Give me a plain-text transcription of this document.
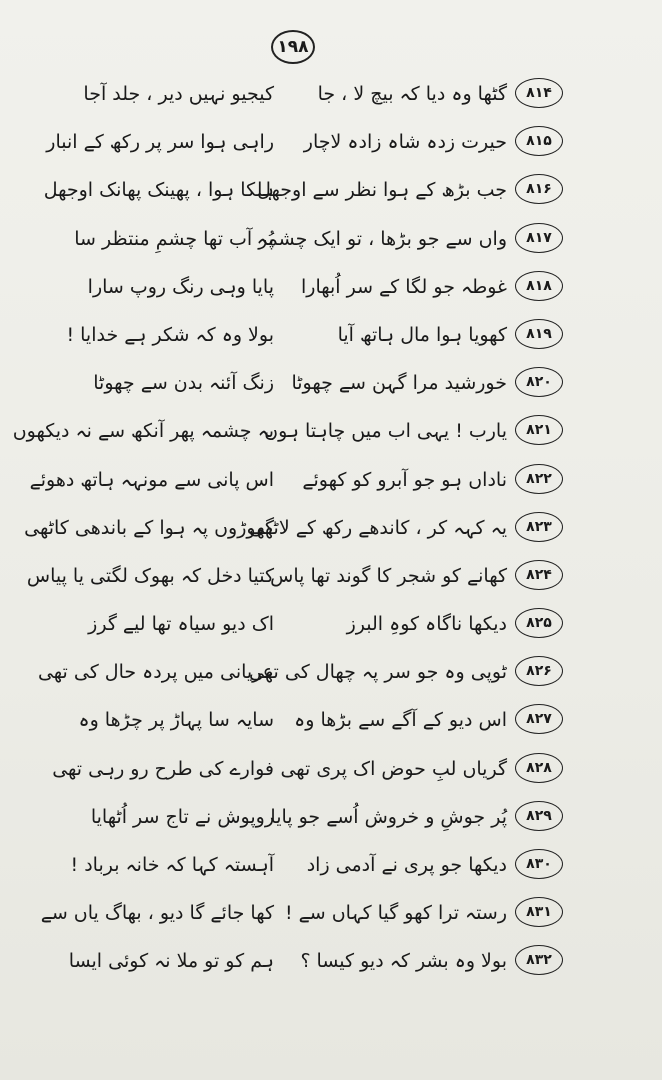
۱۹۸
۸۱۴
گٹھا وہ دیا کہ بیچ لا ، جا
کیجیو نہیں دیر ، جلد آجا
۸۱۵
حیرت زدہ شاہ زادہ لاچار
راہی ہوا سر پر رکھ کے انبار
۸۱۶
جب بڑھ کے ہوا نظر سے اوجھل
ہلکا ہوا ، پھینک پھانک اوجھل
۸۱۷
واں سے جو بڑھا ، تو ایک چشمہ
پُر آب تھا چشمِ منتظر سا
۸۱۸
غوطہ جو لگا کے سر اُبھارا
پایا وہی رنگ روپ سارا
۸۱۹
کھویا ہوا مال ہاتھ آیا
بولا وہ کہ شکر ہے خدایا !
۸۲۰
خورشید مرا گہن سے چھوٹا
زنگ آئنہ بدن سے چھوٹا
۸۲۱
یارب ! یہی اب میں چاہتا ہوں
یہ چشمہ پھر آنکھ سے نہ دیکھوں
۸۲۲
ناداں ہو جو آبرو کو کھوئے
اس پانی سے مونہہ ہاتھ دھوئے
۸۲۳
یہ کہہ کر ، کاندھے رکھ کے لاٹھی
گھوڑوں پہ ہوا کے باندھی کاٹھی
۸۲۴
کھانے کو شجر کا گوند تھا پاس
کتیا دخل کہ بھوک لگتی یا پیاس
۸۲۵
دیکھا ناگاہ کوہِ البرز
اک دیو سیاہ تھا لیے گرز
۸۲۶
ٹوپی وہ جو سر پہ چھال کی تھی
عریانی میں پردہ حال کی تھی
۸۲۷
اس دیو کے آگے سے بڑھا وہ
سایہ سا پہاڑ پر چڑھا وہ
۸۲۸
گریاں لبِ حوض اک پری تھی
فوارے کی طرح رو رہی تھی
۸۲۹
پُر جوشِ و خروش اُسے جو پایا
روپوش نے تاج سر اُٹھایا
۸۳۰
دیکھا جو پری نے آدمی زاد
آہستہ کہا کہ خانہ برباد !
۸۳۱
رستہ ترا کھو گیا کہاں سے !
کھا جائے گا دیو ، بھاگ یاں سے
۸۳۲
بولا وہ بشر کہ دیو کیسا ؟
ہم کو تو ملا نہ کوئی ایسا
